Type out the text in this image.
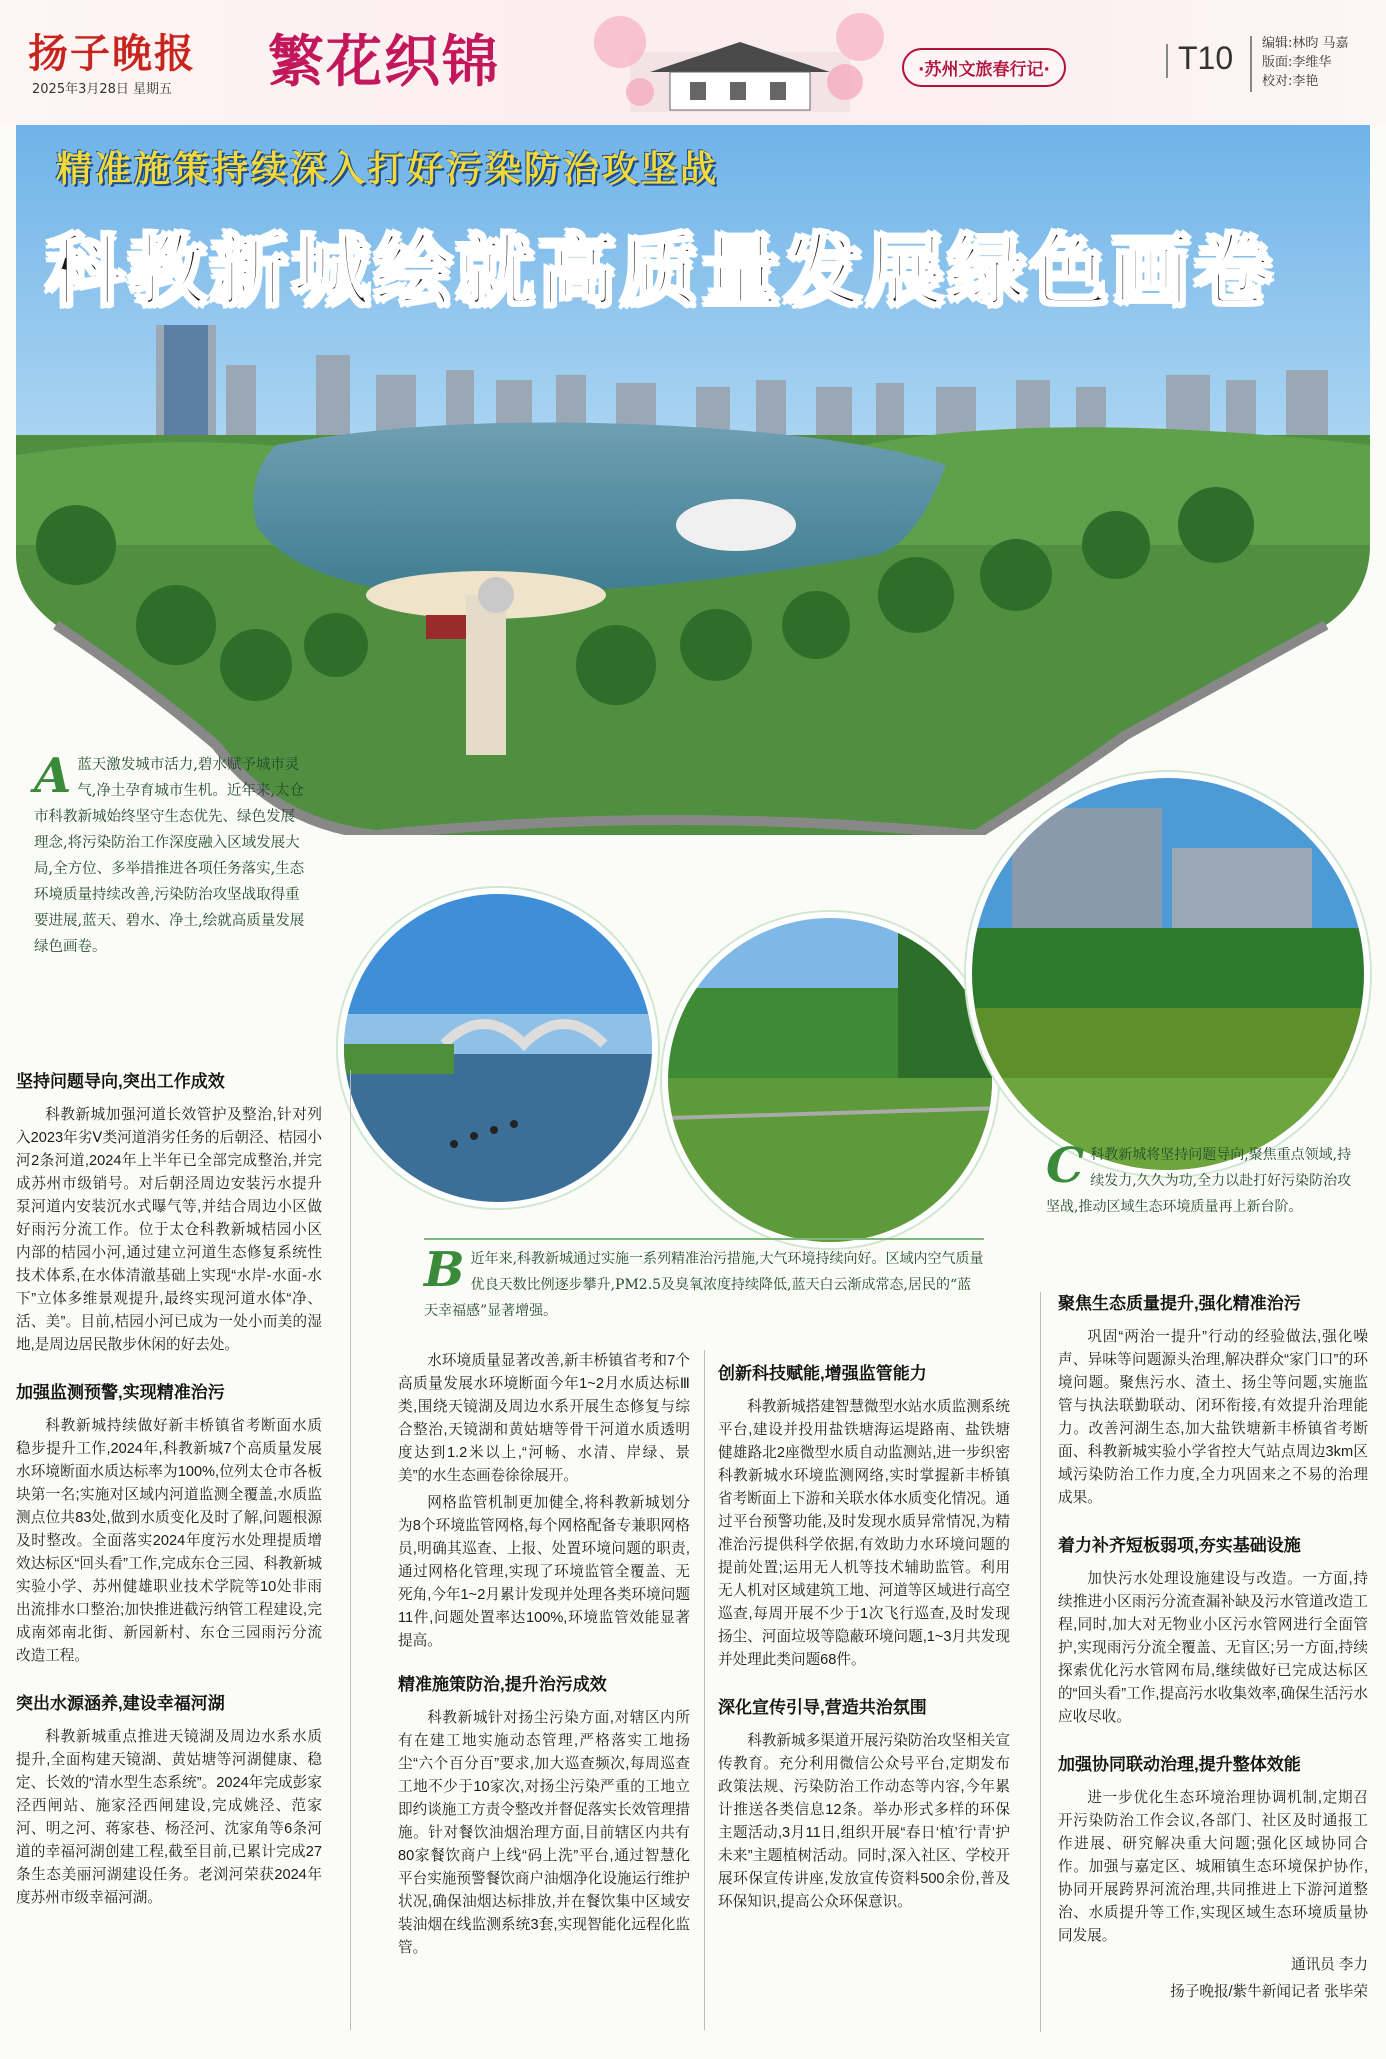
扬子晚报
2025年3月28日 星期五 繁花织锦	·苏州文旅春行记·	T10 编辑:林昀 马嘉
版面:李维华
校对:李艳
精准施策持续深入打好污染防治攻坚战
科教新城绘就高质量发展绿色画卷
A 蓝天激发城市活力,碧水赋予城市灵气,净土孕育城市生机。近年来,太仓市科教新城始终坚守生态优先、绿色发展理念,将污染防治工作深度融入区域发展大局,全方位、多举措推进各项任务落实,生态环境质量持续改善,污染防治攻坚战取得重要进展,蓝天、碧水、净土,绘就高质量发展绿色画卷。
C 科教新城将坚持问题导向,聚焦重点领域,持续发力,久久为功,全力以赴打好污染防治攻坚战,推动区域生态环境质量再上新台阶。
B 近年来,科教新城通过实施一系列精准治污措施,大气环境持续向好。区域内空气质量优良天数比例逐步攀升,PM2.5及臭氧浓度持续降低,蓝天白云渐成常态,居民的“蓝天幸福感”显著增强。
坚持问题导向,突出工作成效

科教新城加强河道长效管护及整治,针对列入2023年劣Ⅴ类河道消劣任务的后朝泾、桔园小河2条河道,2024年上半年已全部完成整治,并完成苏州市级销号。对后朝泾周边安装污水提升泵河道内安装沉水式曝气等,并结合周边小区做好雨污分流工作。位于太仓科教新城桔园小区内部的桔园小河,通过建立河道生态修复系统性技术体系,在水体清澈基础上实现“水岸-水面-水下”立体多维景观提升,最终实现河道水体“净、活、美”。目前,桔园小河已成为一处小而美的湿地,是周边居民散步休闲的好去处。

加强监测预警,实现精准治污

科教新城持续做好新丰桥镇省考断面水质稳步提升工作,2024年,科教新城7个高质量发展水环境断面水质达标率为100%,位列太仓市各板块第一名;实施对区域内河道监测全覆盖,水质监测点位共83处,做到水质变化及时了解,问题根源及时整改。全面落实2024年度污水处理提质增效达标区“回头看”工作,完成东仓三园、科教新城实验小学、苏州健雄职业技术学院等10处非雨出流排水口整治;加快推进截污纳管工程建设,完成南郊南北街、新园新村、东仓三园雨污分流改造工程。

突出水源涵养,建设幸福河湖

科教新城重点推进天镜湖及周边水系水质提升,全面构建天镜湖、黄姑塘等河湖健康、稳定、长效的“清水型生态系统”。2024年完成彭家泾西闸站、施家泾西闸建设,完成姚泾、范家河、明之河、蒋家巷、杨泾河、沈家角等6条河道的幸福河湖创建工程,截至目前,已累计完成27条生态美丽河湖建设任务。老浏河荣获2024年度苏州市级幸福河湖。

水环境质量显著改善,新丰桥镇省考和7个高质量发展水环境断面今年1~2月水质达标Ⅲ类,围绕天镜湖及周边水系开展生态修复与综合整治,天镜湖和黄姑塘等骨干河道水质透明度达到1.2米以上,“河畅、水清、岸绿、景美”的水生态画卷徐徐展开。

网格监管机制更加健全,将科教新城划分为8个环境监管网格,每个网格配备专兼职网格员,明确其巡查、上报、处置环境问题的职责,通过网格化管理,实现了环境监管全覆盖、无死角,今年1~2月累计发现并处理各类环境问题11件,问题处置率达100%,环境监管效能显著提高。

精准施策防治,提升治污成效

科教新城针对扬尘污染方面,对辖区内所有在建工地实施动态管理,严格落实工地扬尘“六个百分百”要求,加大巡查频次,每周巡查工地不少于10家次,对扬尘污染严重的工地立即约谈施工方责令整改并督促落实长效管理措施。针对餐饮油烟治理方面,目前辖区内共有80家餐饮商户上线“码上洗”平台,通过智慧化平台实施预警餐饮商户油烟净化设施运行维护状况,确保油烟达标排放,并在餐饮集中区域安装油烟在线监测系统3套,实现智能化远程化监管。

创新科技赋能,增强监管能力

科教新城搭建智慧微型水站水质监测系统平台,建设并投用盐铁塘海运堤路南、盐铁塘健雄路北2座微型水质自动监测站,进一步织密科教新城水环境监测网络,实时掌握新丰桥镇省考断面上下游和关联水体水质变化情况。通过平台预警功能,及时发现水质异常情况,为精准治污提供科学依据,有效助力水环境问题的提前处置;运用无人机等技术辅助监管。利用无人机对区域建筑工地、河道等区域进行高空巡查,每周开展不少于1次飞行巡查,及时发现扬尘、河面垃圾等隐蔽环境问题,1~3月共发现并处理此类问题68件。

深化宣传引导,营造共治氛围

科教新城多渠道开展污染防治攻坚相关宣传教育。充分利用微信公众号平台,定期发布政策法规、污染防治工作动态等内容,今年累计推送各类信息12条。举办形式多样的环保主题活动,3月11日,组织开展“春日‘植’行‘青’护未来”主题植树活动。同时,深入社区、学校开展环保宣传讲座,发放宣传资料500余份,普及环保知识,提高公众环保意识。

聚焦生态质量提升,强化精准治污

巩固“两治一提升”行动的经验做法,强化噪声、异味等问题源头治理,解决群众“家门口”的环境问题。聚焦污水、渣土、扬尘等问题,实施监管与执法联勤联动、闭环衔接,有效提升治理能力。改善河湖生态,加大盐铁塘新丰桥镇省考断面、科教新城实验小学省控大气站点周边3km区域污染防治工作力度,全力巩固来之不易的治理成果。

着力补齐短板弱项,夯实基础设施

加快污水处理设施建设与改造。一方面,持续推进小区雨污分流查漏补缺及污水管道改造工程,同时,加大对无物业小区污水管网进行全面管护,实现雨污分流全覆盖、无盲区;另一方面,持续探索优化污水管网布局,继续做好已完成达标区的“回头看”工作,提高污水收集效率,确保生活污水应收尽收。

加强协同联动治理,提升整体效能

进一步优化生态环境治理协调机制,定期召开污染防治工作会议,各部门、社区及时通报工作进展、研究解决重大问题;强化区域协同合作。加强与嘉定区、城厢镇生态环境保护协作,协同开展跨界河流治理,共同推进上下游河道整治、水质提升等工作,实现区域生态环境质量协同发展。

通讯员 李力

扬子晚报/紫牛新闻记者 张毕荣
